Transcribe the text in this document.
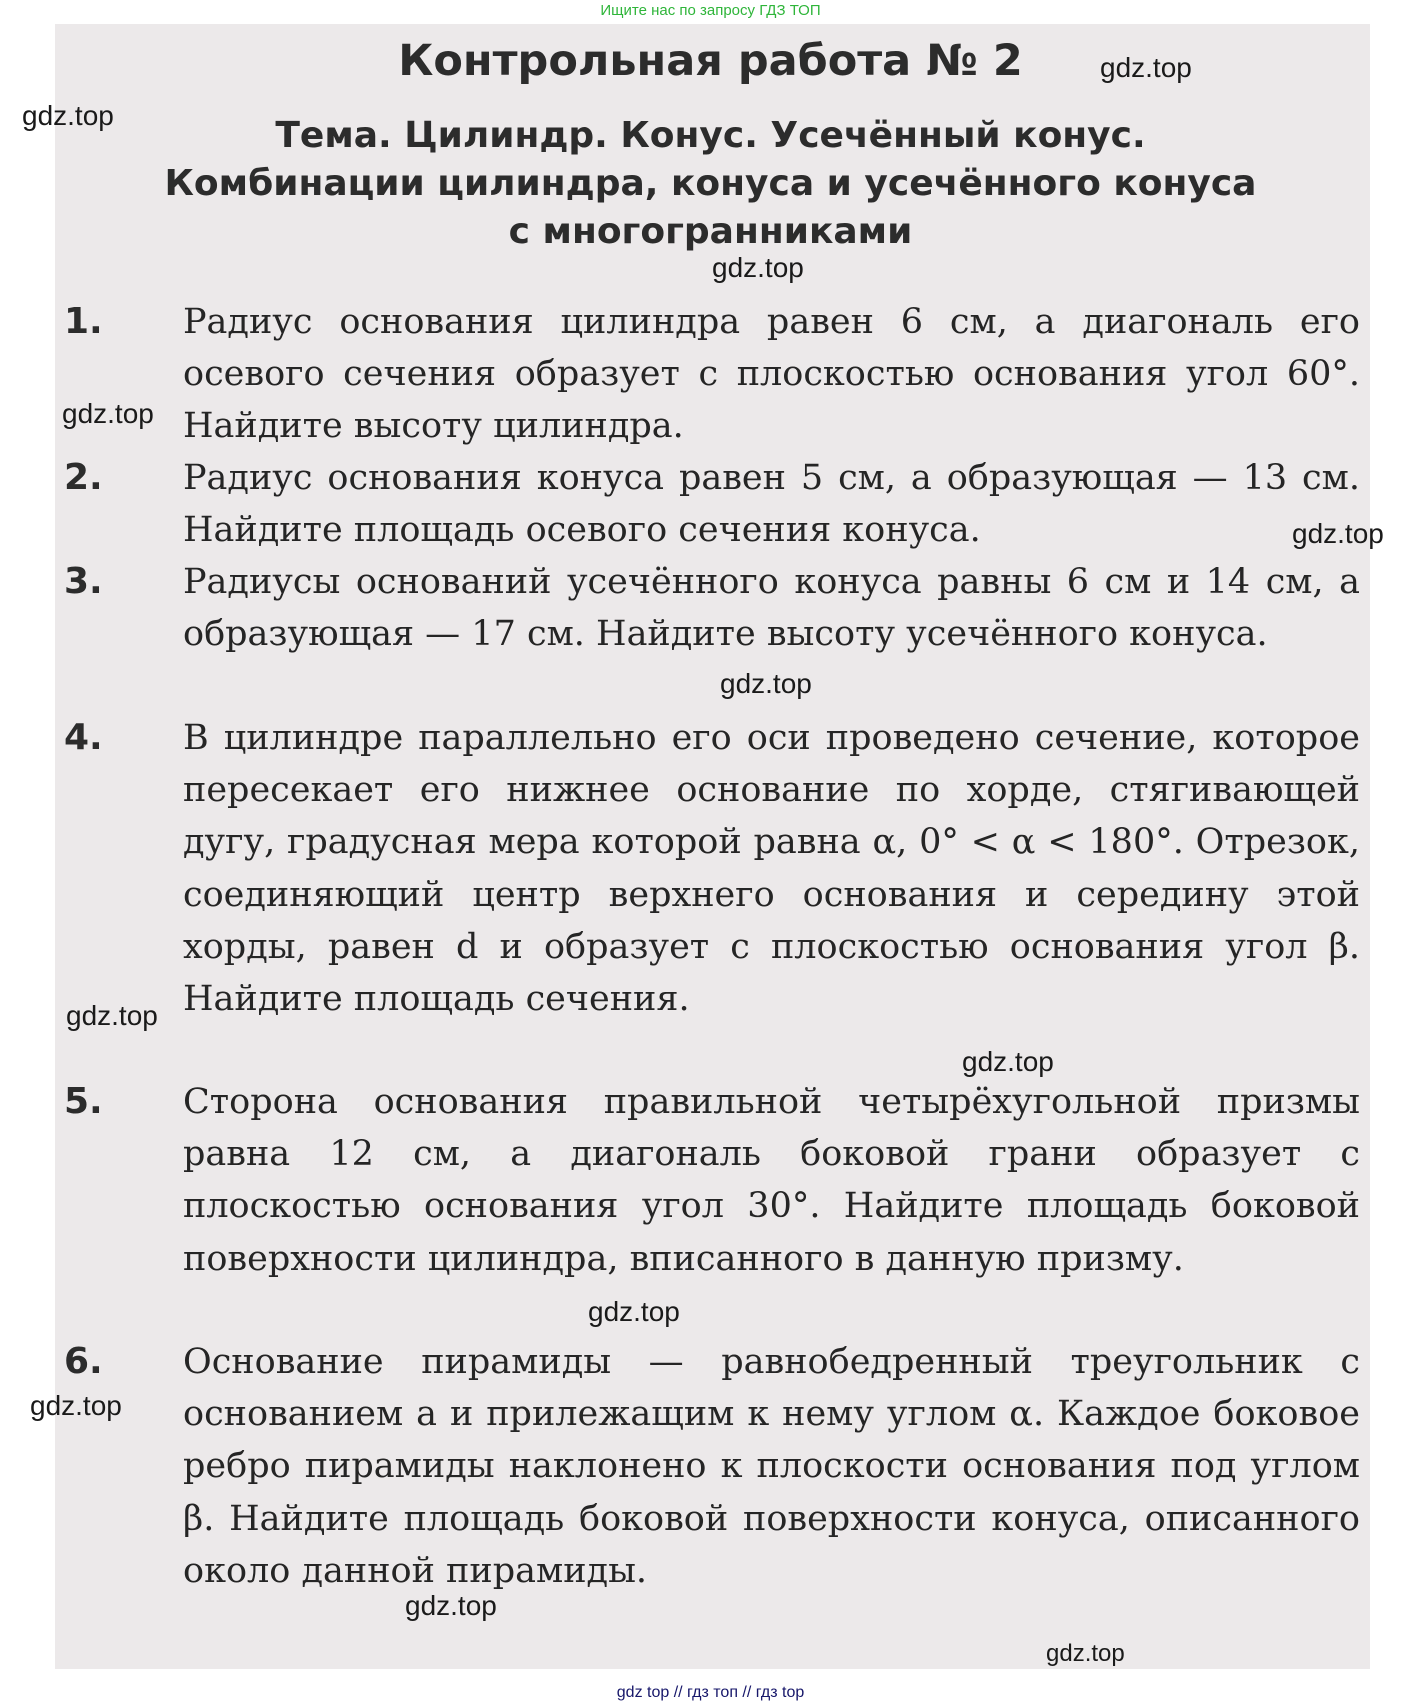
Ищите нас по запросу ГДЗ ТОП
Контрольная работа № 2
Тема. Цилиндр. Конус. Усечённый конус.
Комбинации цилиндра, конуса и усечённого конуса
с многогранниками
1. Радиус основания цилиндра равен 6 см, а диагональ его осевого сечения образует с плоскостью основания угол 60°. Найдите высоту цилиндра.
2. Радиус основания конуса равен 5 см, а образующая — 13 см. Найдите площадь осевого сечения конуса.
3. Радиусы оснований усечённого конуса равны 6 см и 14 см, а образующая — 17 см. Найдите высоту усечённого конуса.
4. В цилиндре параллельно его оси проведено сечение, которое пересекает его нижнее основание по хорде, стягивающей дугу, градусная мера которой равна α, 0° < α < 180°. Отрезок, соединяющий центр верхнего основания и середину этой хорды, равен d и образует с плоскостью основания угол β. Найдите площадь сечения.
5. Сторона основания правильной четырёхугольной призмы равна 12 см, а диагональ боковой грани образует с плоскостью основания угол 30°. Найдите площадь боковой поверхности цилиндра, вписанного в данную призму.
6. Основание пирамиды — равнобедренный треугольник с основанием a и прилежащим к нему углом α. Каждое боковое ребро пирамиды наклонено к плоскости основания под углом β. Найдите площадь боковой поверхности конуса, описанного около данной пирамиды.
gdz.top
gdz.top
gdz.top
gdz.top
gdz.top
gdz.top
gdz.top
gdz.top
gdz.top
gdz.top
gdz.top
gdz.top
gdz top // гдз топ // гдз top
